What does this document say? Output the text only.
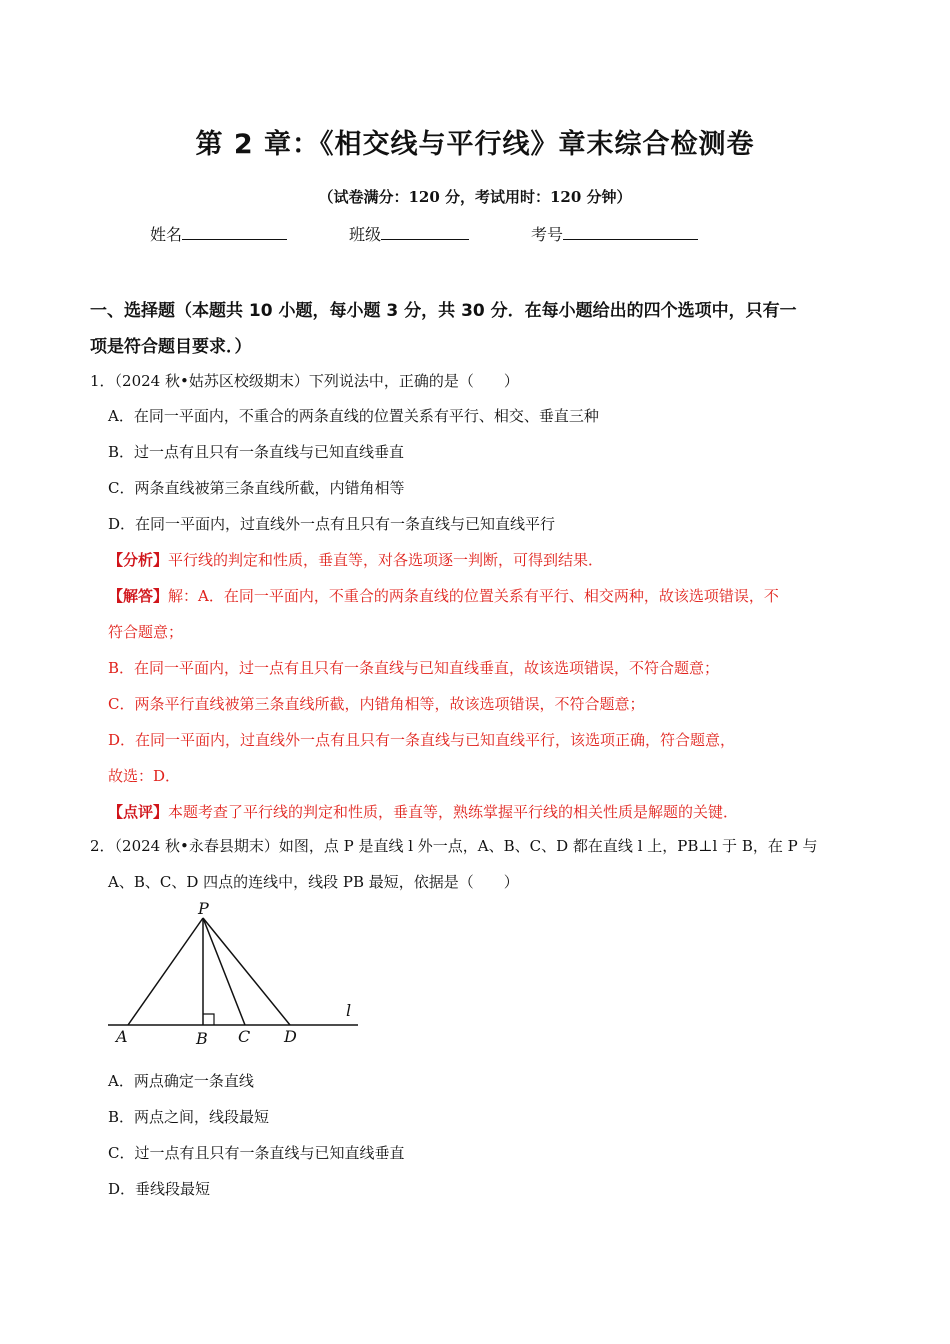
第 2 章：《相交线与平行线》章末综合检测卷
（试卷满分：120 分，考试用时：120 分钟）
姓名	班级	考号
一、选择题（本题共 10 小题，每小题 3 分，共 30 分．在每小题给出的四个选项中，只有一
项是符合题目要求．）
1．（2024 秋•姑苏区校级期末）下列说法中，正确的是（　　）
A．在同一平面内，不重合的两条直线的位置关系有平行、相交、垂直三种
B．过一点有且只有一条直线与已知直线垂直
C．两条直线被第三条直线所截，内错角相等
D．在同一平面内，过直线外一点有且只有一条直线与已知直线平行
【分析】平行线的判定和性质，垂直等，对各选项逐一判断，可得到结果．
【解答】解：A．在同一平面内，不重合的两条直线的位置关系有平行、相交两种，故该选项错误，不
符合题意；
B．在同一平面内，过一点有且只有一条直线与已知直线垂直，故该选项错误，不符合题意；
C．两条平行直线被第三条直线所截，内错角相等，故该选项错误，不符合题意；
D．在同一平面内，过直线外一点有且只有一条直线与已知直线平行，该选项正确，符合题意，
故选：D．
【点评】本题考查了平行线的判定和性质，垂直等，熟练掌握平行线的相关性质是解题的关键．
2．（2024 秋•永春县期末）如图，点 P 是直线 l 外一点，A、B、C、D 都在直线 l 上，PB⊥l 于 B，在 P 与
A、B、C、D 四点的连线中，线段 PB 最短，依据是（　　）
P
A	B C D
l
A．两点确定一条直线
B．两点之间，线段最短
C．过一点有且只有一条直线与已知直线垂直
D．垂线段最短
